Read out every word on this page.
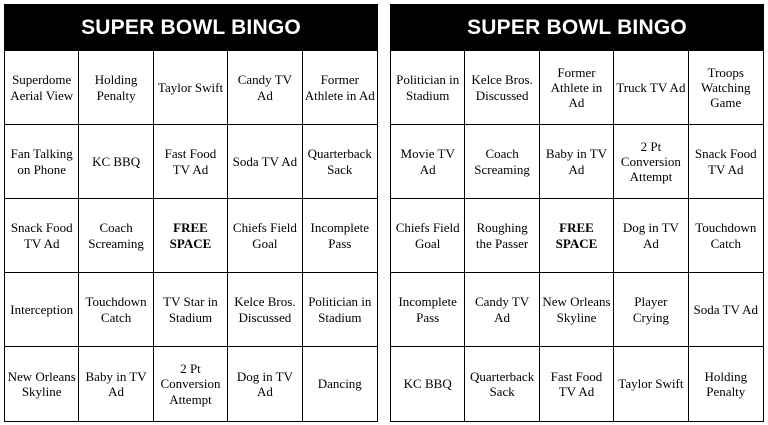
SUPER BOWL BINGO
Superdome Aerial View
Holding Penalty
Taylor Swift
Candy TV Ad
Former Athlete in Ad
Fan Talking on Phone
KC BBQ
Fast Food TV Ad
Soda TV Ad
Quarterback Sack
Snack Food TV Ad
Coach Screaming
FREE SPACE
Chiefs Field Goal
Incomplete Pass
Interception
Touchdown Catch
TV Star in Stadium
Kelce Bros. Discussed
Politician in Stadium
New Orleans Skyline
Baby in TV Ad
2 Pt Conversion Attempt
Dog in TV Ad
Dancing
SUPER BOWL BINGO
Politician in Stadium
Kelce Bros. Discussed
Former Athlete in Ad
Truck TV Ad
Troops Watching Game
Movie TV Ad
Coach Screaming
Baby in TV Ad
2 Pt Conversion Attempt
Snack Food TV Ad
Chiefs Field Goal
Roughing the Passer
FREE SPACE
Dog in TV Ad
Touchdown Catch
Incomplete Pass
Candy TV Ad
New Orleans Skyline
Player Crying
Soda TV Ad
KC BBQ
Quarterback Sack
Fast Food TV Ad
Taylor Swift
Holding Penalty
